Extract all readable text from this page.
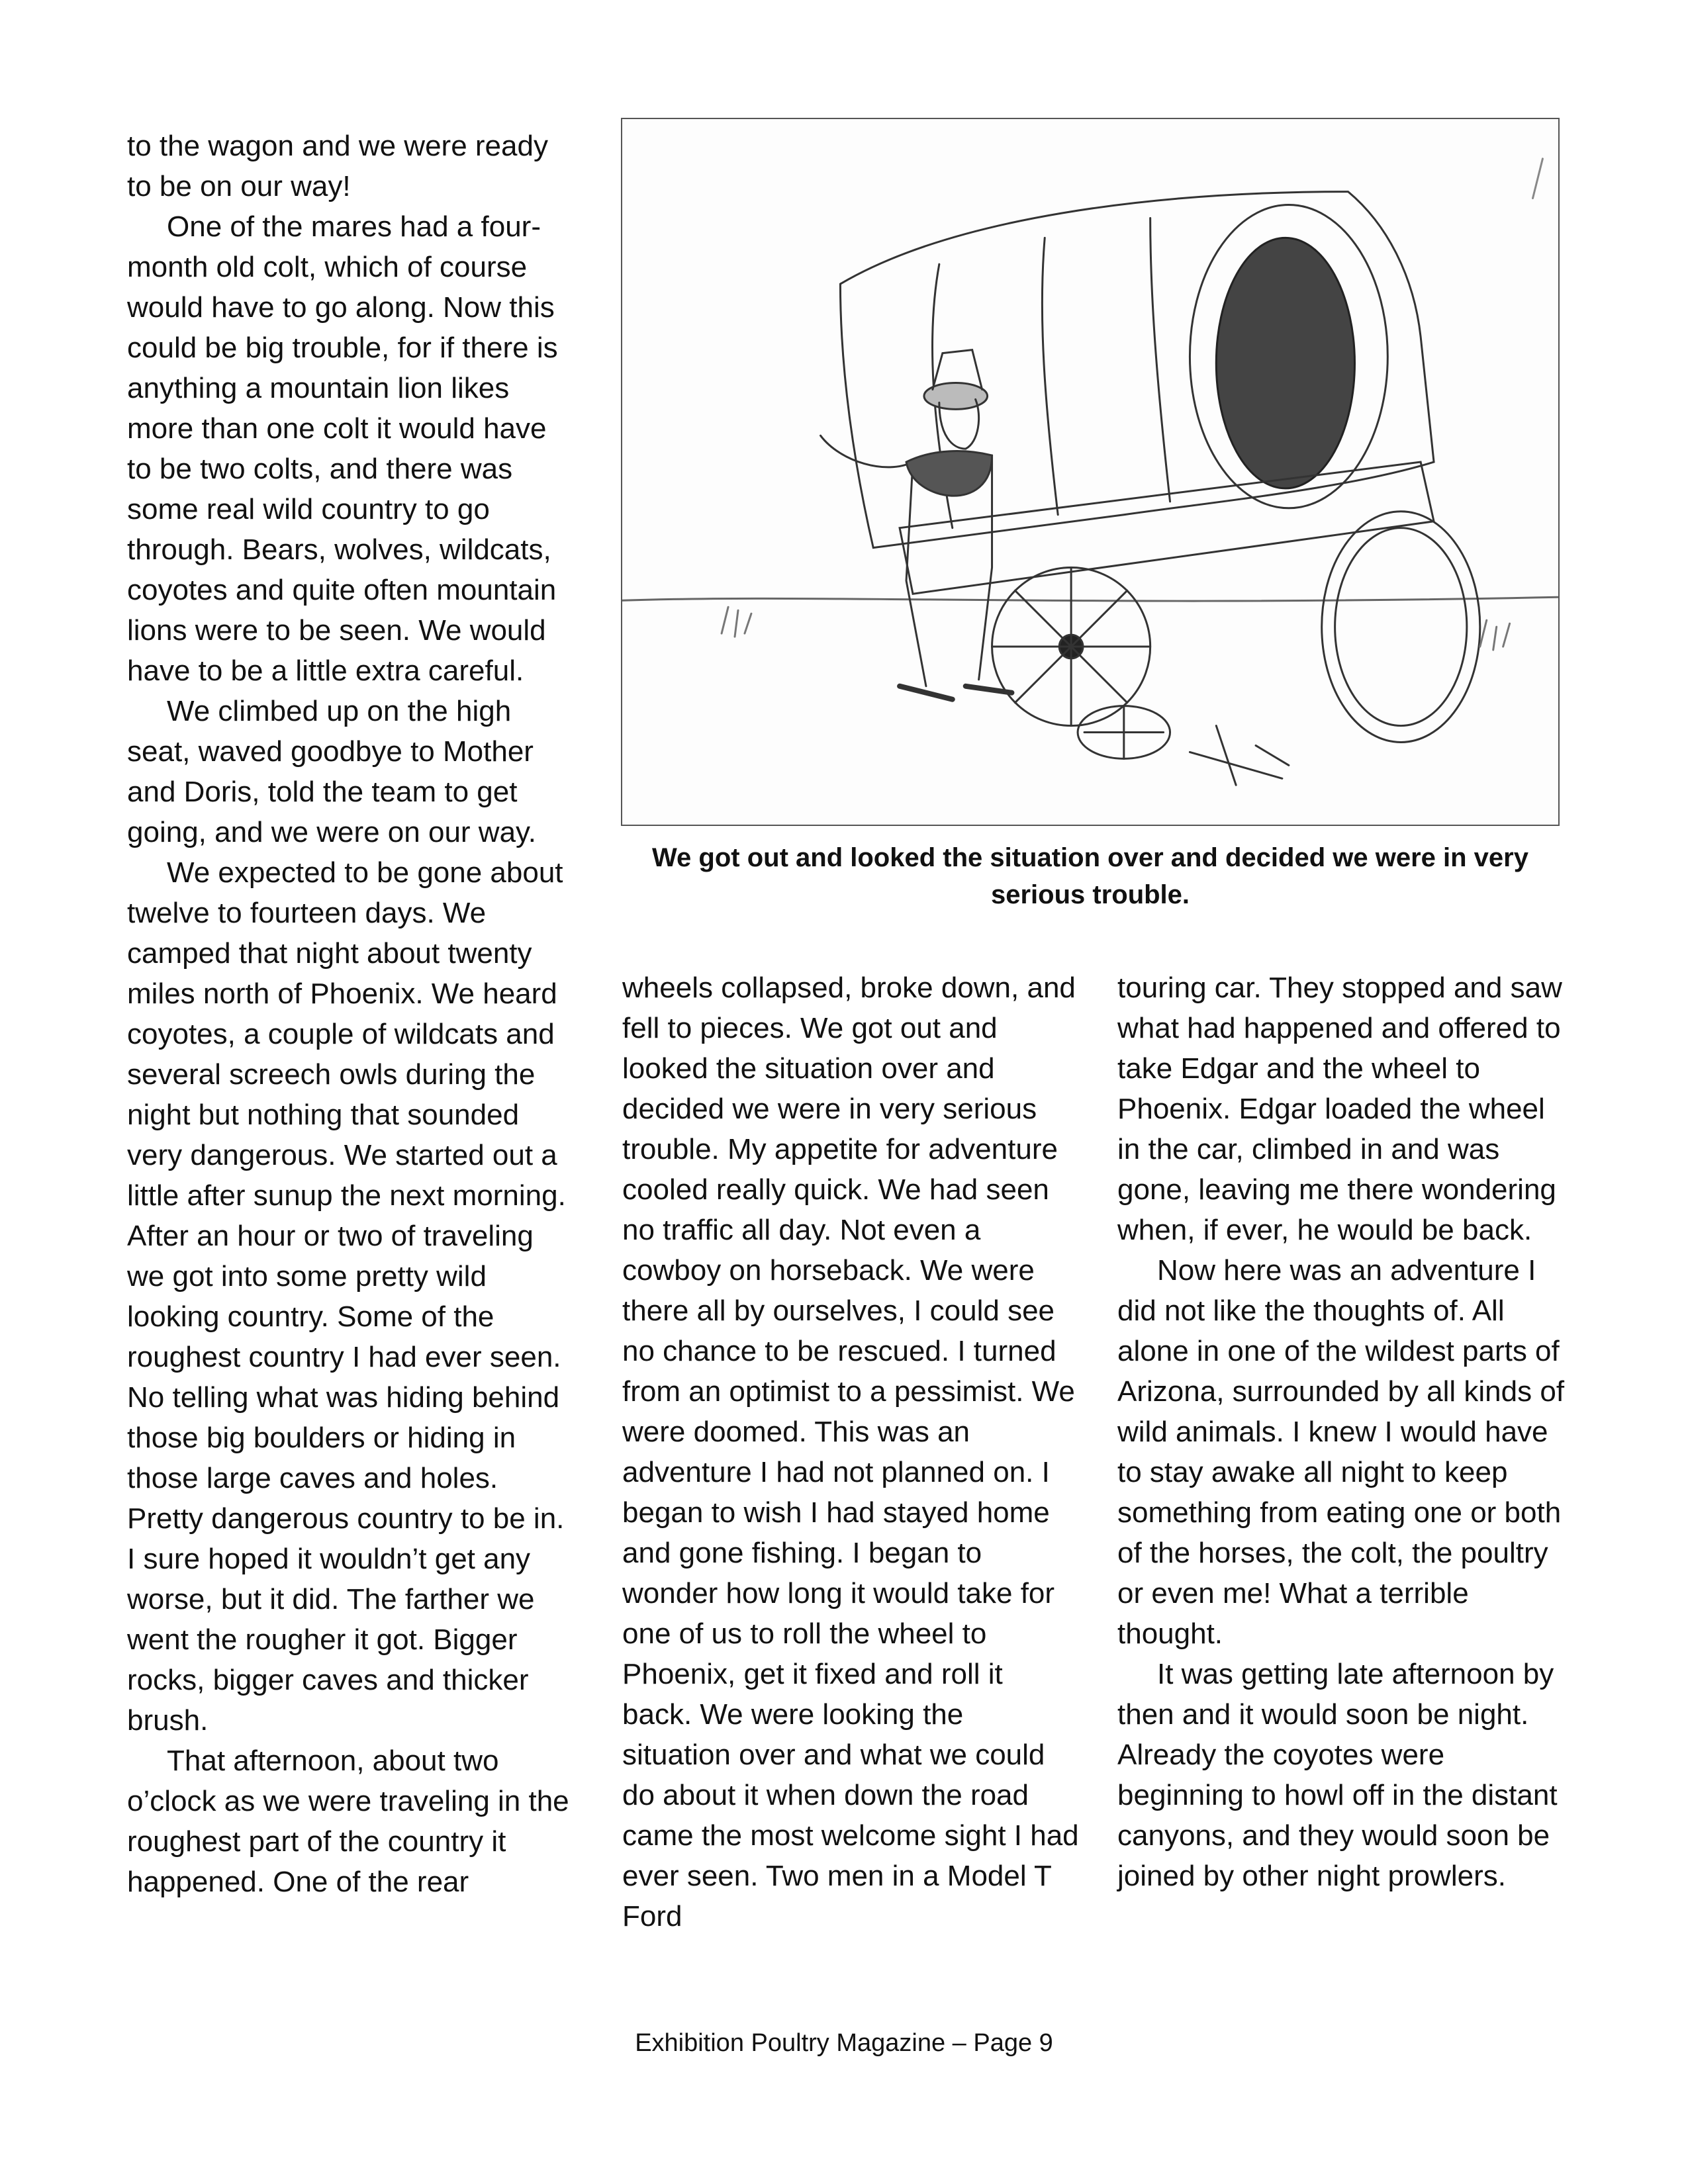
to the wagon and we were ready to be on our way!

One of the mares had a four-month old colt, which of course would have to go along. Now this could be big trouble, for if there is anything a mountain lion likes more than one colt it would have to be two colts, and there was some real wild country to go through. Bears, wolves, wildcats, coyotes and quite often mountain lions were to be seen. We would have to be a little extra careful.

We climbed up on the high seat, waved goodbye to Mother and Doris, told the team to get going, and we were on our way.

We expected to be gone about twelve to fourteen days. We camped that night about twenty miles north of Phoenix. We heard coyotes, a couple of wildcats and several screech owls during the night but nothing that sounded very dangerous. We started out a little after sunup the next morning. After an hour or two of traveling we got into some pretty wild looking country. Some of the roughest country I had ever seen. No telling what was hiding behind those big boulders or hiding in those large caves and holes. Pretty dangerous country to be in. I sure hoped it wouldn’t get any worse, but it did. The farther we went the rougher it got. Bigger rocks, bigger caves and thicker brush.

That afternoon, about two o’clock as we were traveling in the roughest part of the country it happened. One of the rear

We got out and looked the situation over and decided we were in very serious trouble.

wheels collapsed, broke down, and fell to pieces. We got out and looked the situation over and decided we were in very serious trouble. My appetite for adventure cooled really quick. We had seen no traffic all day. Not even a cowboy on horseback. We were there all by ourselves, I could see no chance to be rescued. I turned from an optimist to a pessimist. We were doomed. This was an adventure I had not planned on. I began to wish I had stayed home and gone fishing. I began to wonder how long it would take for one of us to roll the wheel to Phoenix, get it fixed and roll it back. We were looking the situation over and what we could do about it when down the road came the most welcome sight I had ever seen. Two men in a Model T Ford

touring car. They stopped and saw what had happened and offered to take Edgar and the wheel to Phoenix. Edgar loaded the wheel in the car, climbed in and was gone, leaving me there wondering when, if ever, he would be back.

Now here was an adventure I did not like the thoughts of. All alone in one of the wildest parts of Arizona, surrounded by all kinds of wild animals. I knew I would have to stay awake all night to keep something from eating one or both of the horses, the colt, the poultry or even me! What a terrible thought.

It was getting late afternoon by then and it would soon be night. Already the coyotes were beginning to howl off in the distant canyons, and they would soon be joined by other night prowlers.

Exhibition Poultry Magazine – Page 9
